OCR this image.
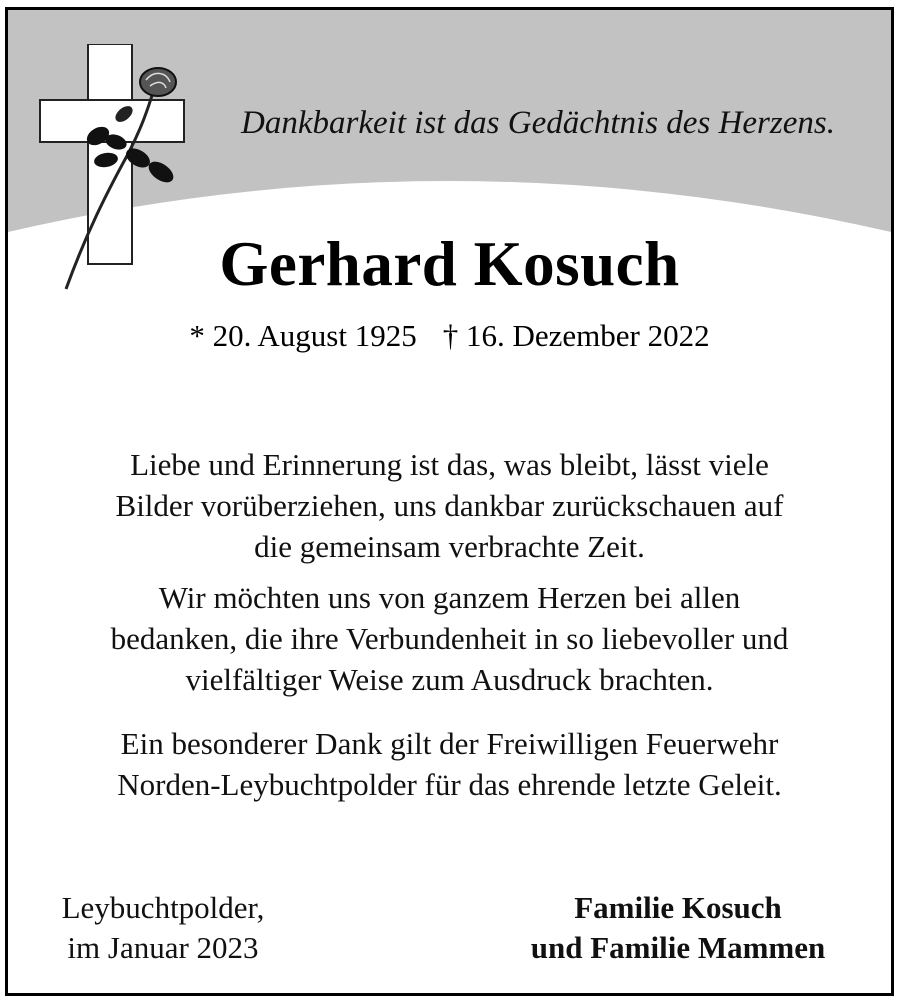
Dankbarkeit ist das Gedächtnis des Herzens.
Gerhard Kosuch
* 20. August 1925 † 16. Dezember 2022
Liebe und Erinnerung ist das, was bleibt, lässt viele
Bilder vorüberziehen, uns dankbar zurückschauen auf
die gemeinsam verbrachte Zeit.
Wir möchten uns von ganzem Herzen bei allen
bedanken, die ihre Verbundenheit in so liebevoller und
vielfältiger Weise zum Ausdruck brachten.
Ein besonderer Dank gilt der Freiwilligen Feuerwehr
Norden-Leybuchtpolder für das ehrende letzte Geleit.
Leybuchtpolder,
im Januar 2023
Familie Kosuch
und Familie Mammen
